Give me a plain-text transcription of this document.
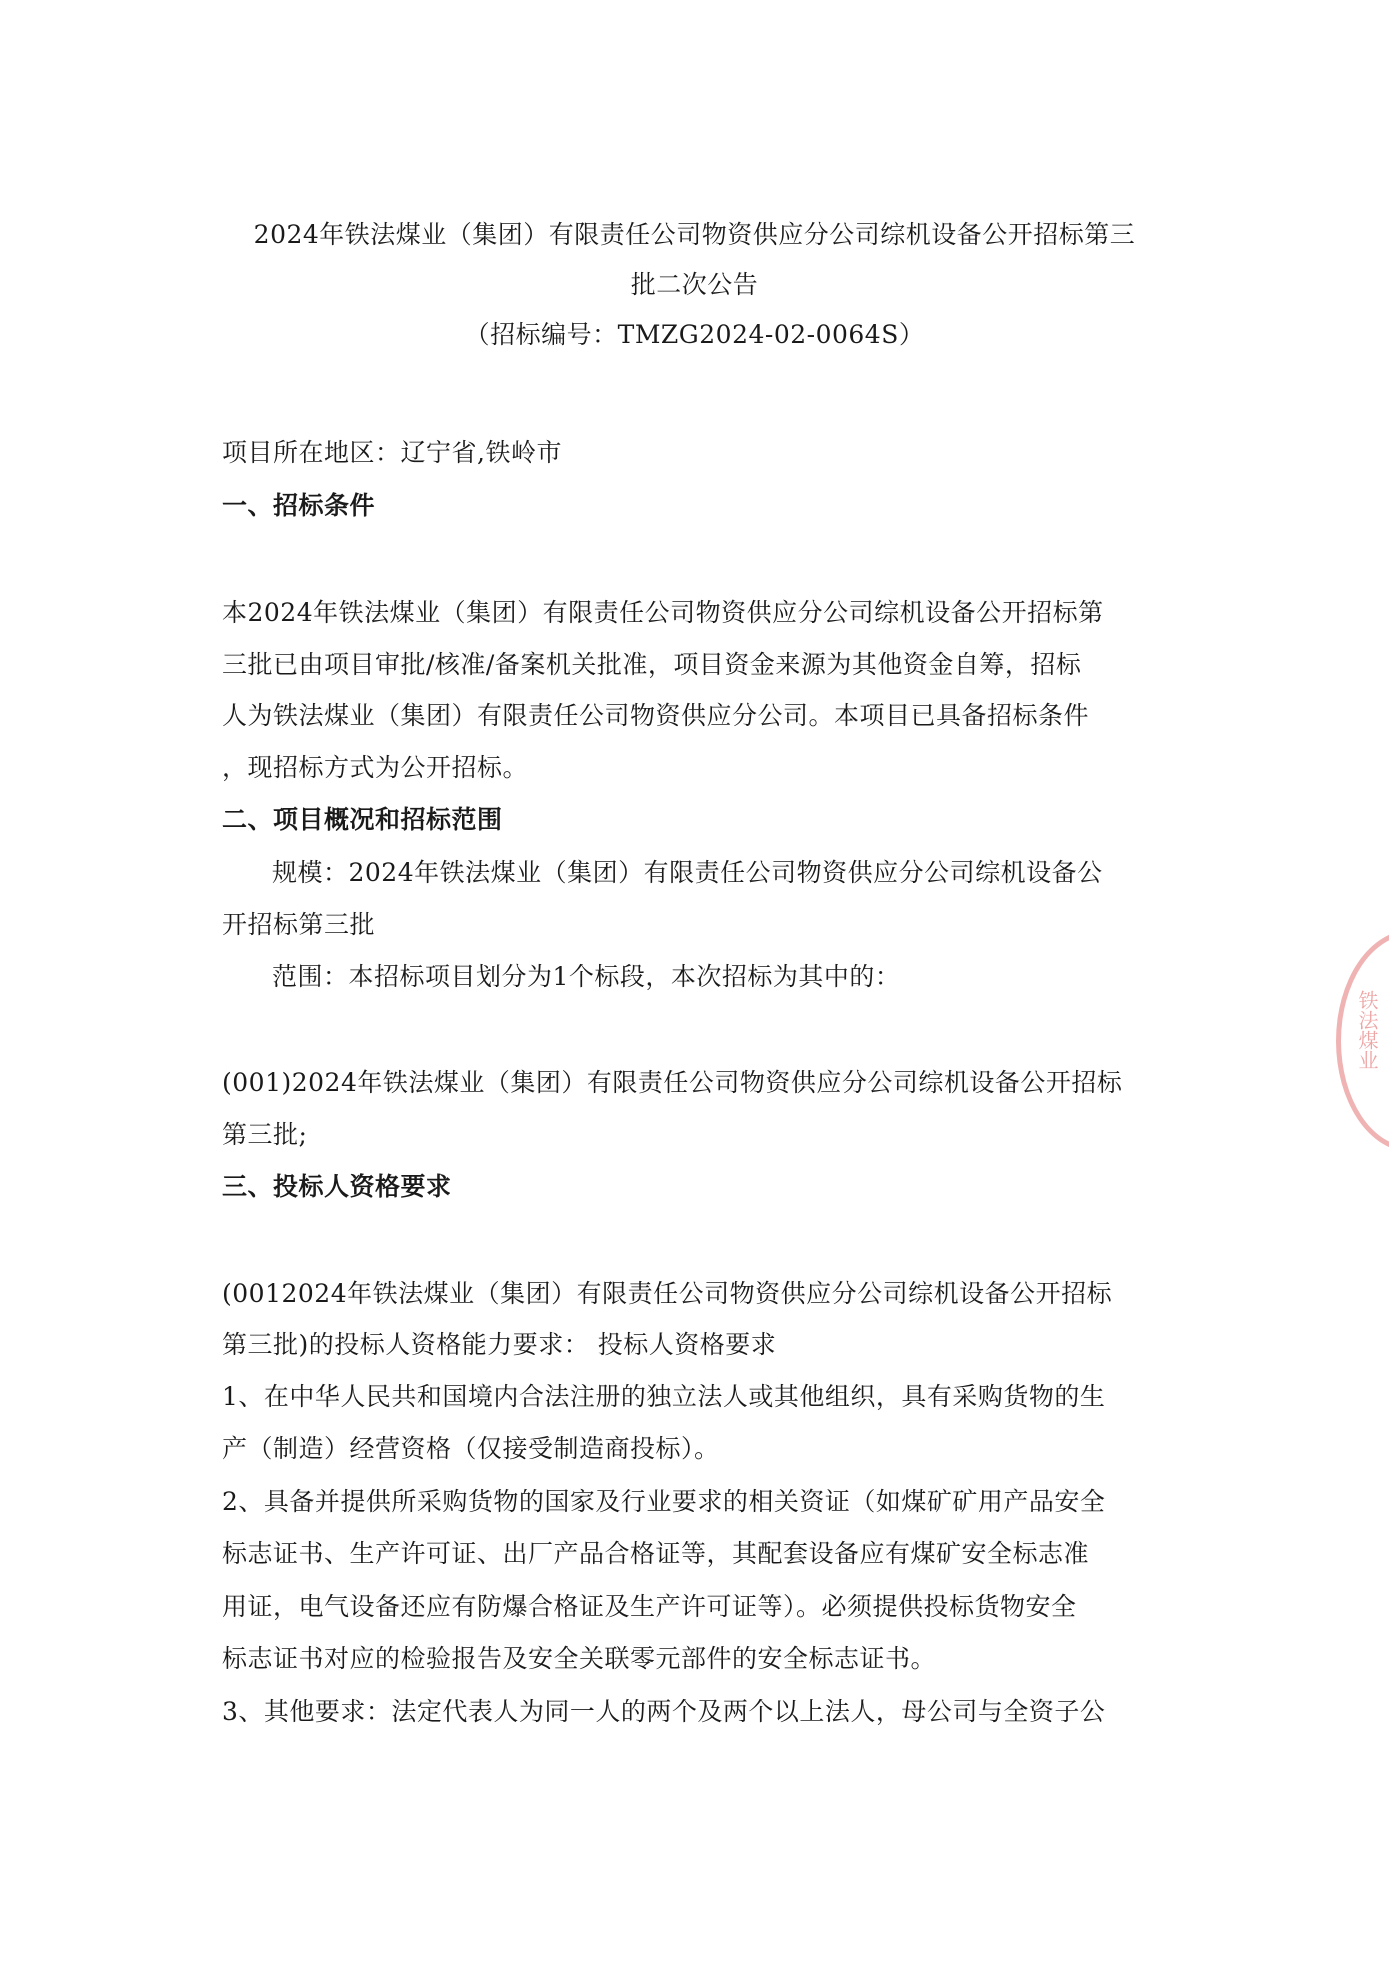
2024年铁法煤业（集团）有限责任公司物资供应分公司综机设备公开招标第三
批二次公告
（招标编号：TMZG2024-02-0064S）
项目所在地区：辽宁省,铁岭市
一、招标条件
本2024年铁法煤业（集团）有限责任公司物资供应分公司综机设备公开招标第
三批已由项目审批/核准/备案机关批准，项目资金来源为其他资金自筹，招标
人为铁法煤业（集团）有限责任公司物资供应分公司。本项目已具备招标条件
，现招标方式为公开招标。
二、项目概况和招标范围
规模：2024年铁法煤业（集团）有限责任公司物资供应分公司综机设备公
开招标第三批
范围：本招标项目划分为1个标段，本次招标为其中的：
(001)2024年铁法煤业（集团）有限责任公司物资供应分公司综机设备公开招标
第三批;
三、投标人资格要求
(0012024年铁法煤业（集团）有限责任公司物资供应分公司综机设备公开招标
第三批)的投标人资格能力要求： 投标人资格要求
1、在中华人民共和国境内合法注册的独立法人或其他组织，具有采购货物的生
产（制造）经营资格（仅接受制造商投标）。
2、具备并提供所采购货物的国家及行业要求的相关资证（如煤矿矿用产品安全
标志证书、生产许可证、出厂产品合格证等，其配套设备应有煤矿安全标志准
用证，电气设备还应有防爆合格证及生产许可证等）。必须提供投标货物安全
标志证书对应的检验报告及安全关联零元部件的安全标志证书。
3、其他要求：法定代表人为同一人的两个及两个以上法人，母公司与全资子公
铁法煤业
